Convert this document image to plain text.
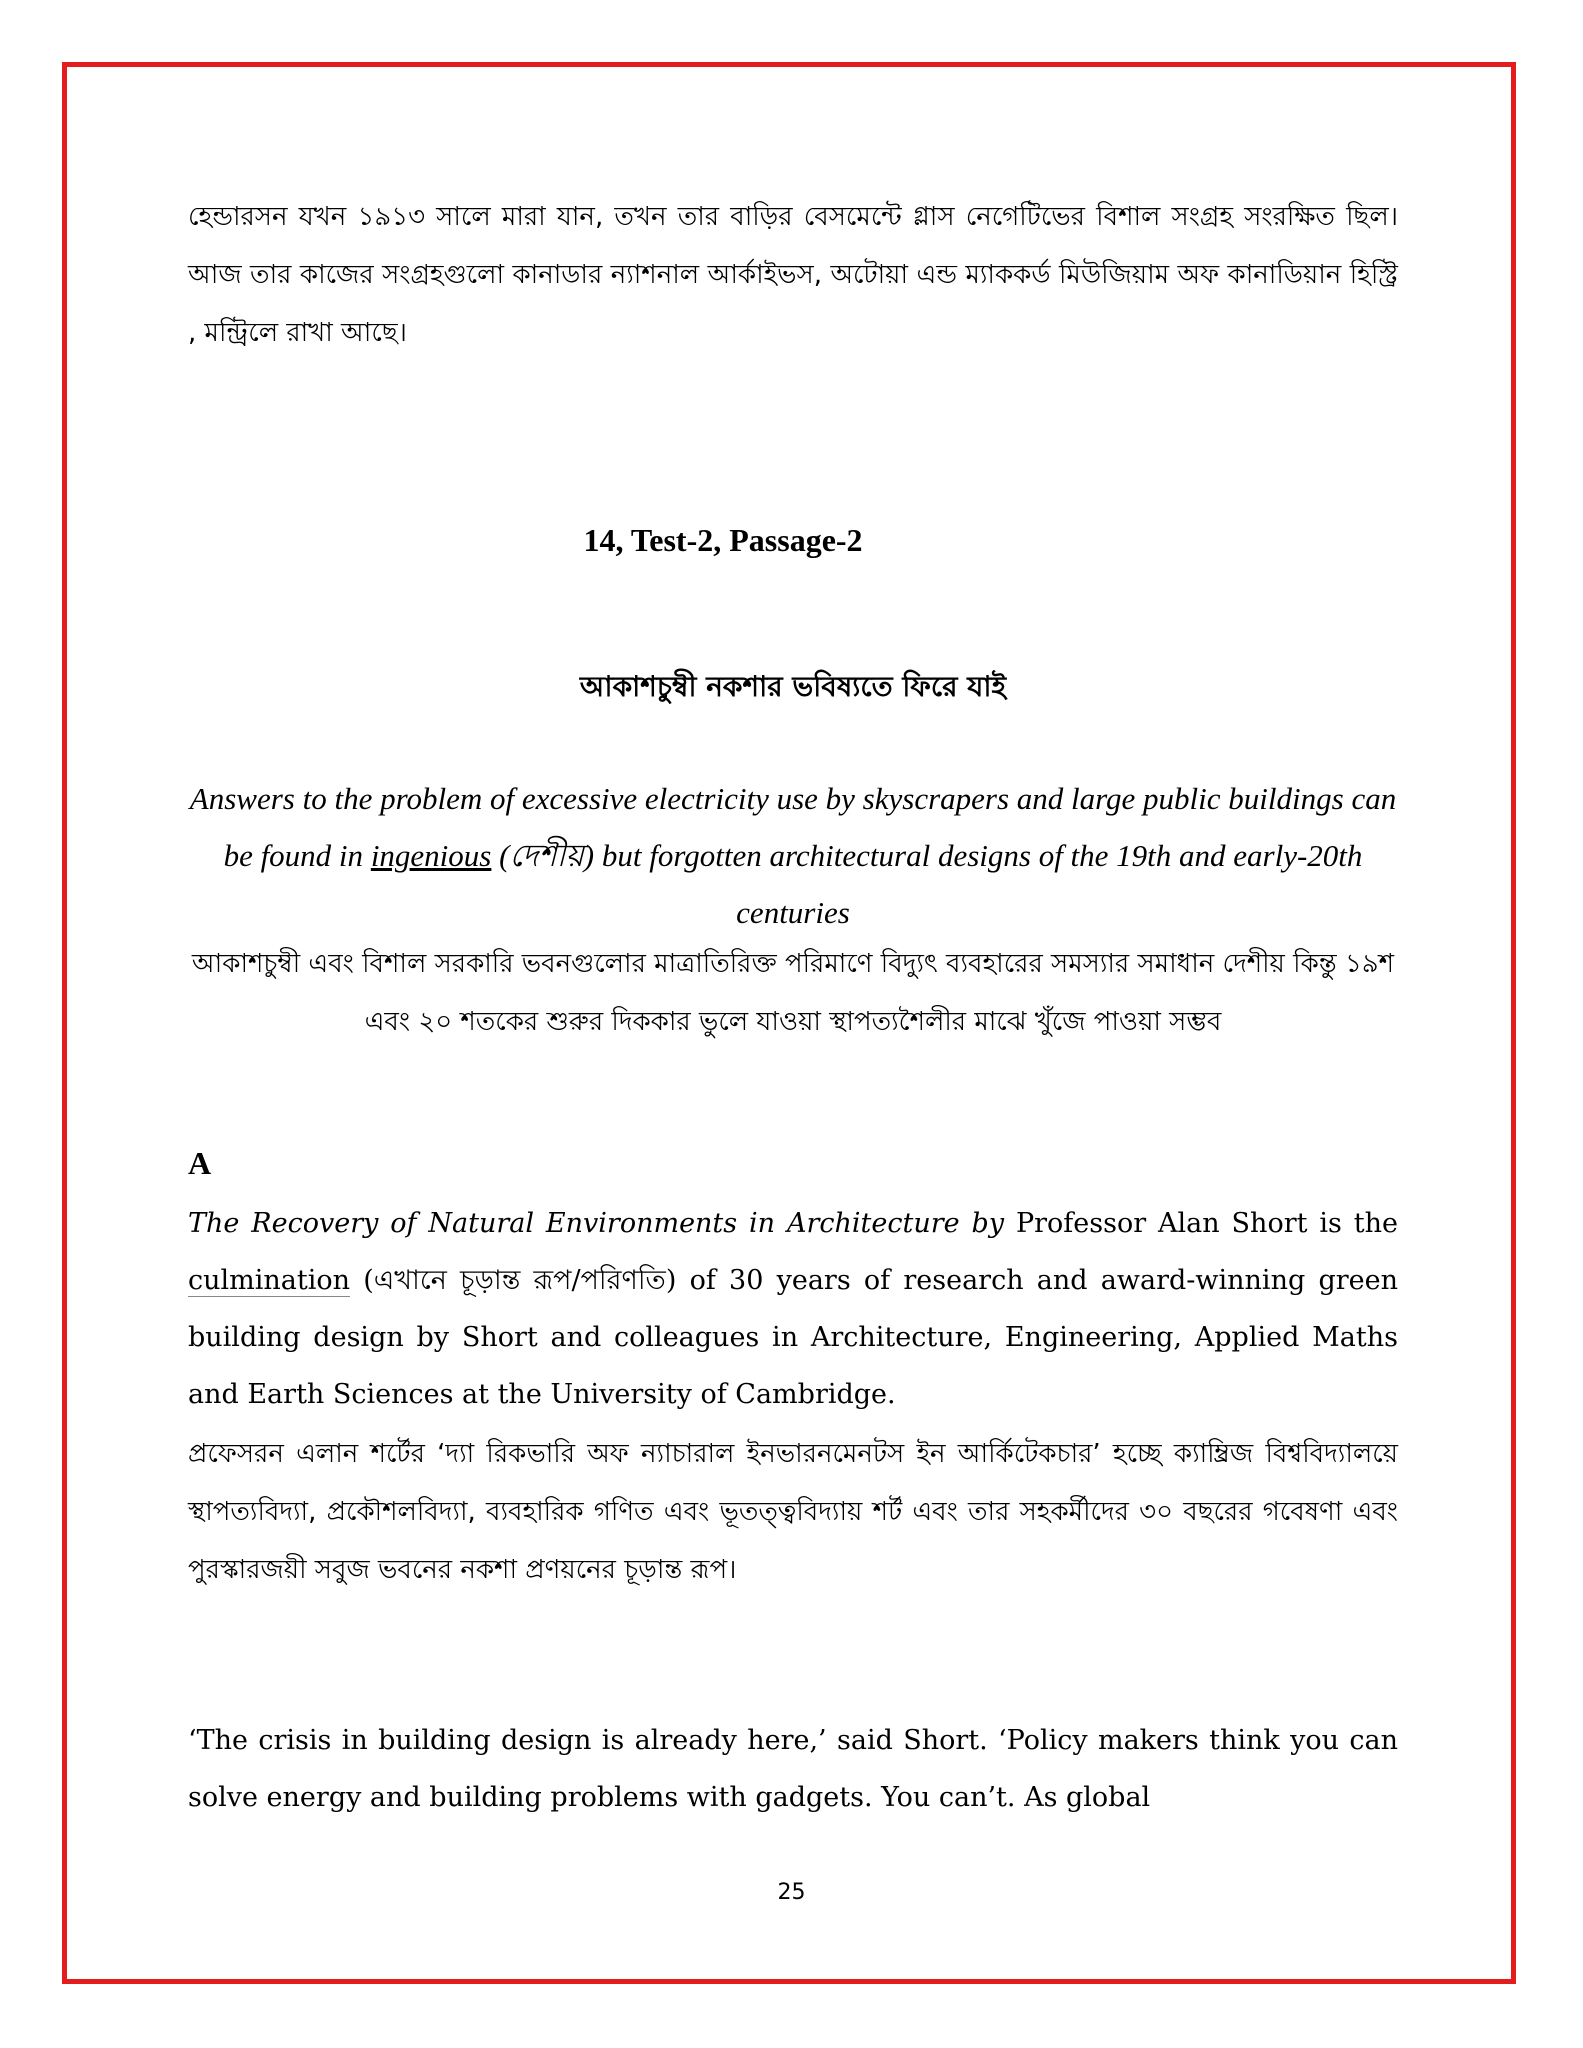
হেন্ডারসন যখন ১৯১৩ সালে মারা যান, তখন তার বাড়ির বেসমেন্টে গ্লাস নেগেটিভের বিশাল সংগ্রহ সংরক্ষিত ছিল। আজ তার কাজের সংগ্রহগুলো কানাডার ন্যাশনাল আর্কাইভস, অটোয়া এন্ড ম্যাককর্ড মিউজিয়াম অফ কানাডিয়ান হিস্ট্রি , মন্ট্রিলে রাখা আছে।
14, Test-2, Passage-2
আকাশচুম্বী নকশার ভবিষ্যতে ফিরে যাই
Answers to the problem of excessive electricity use by skyscrapers and large public buildings can be found in ingenious (দেশীয়) but forgotten architectural designs of the 19th and early-20th centuries
আকাশচুম্বী এবং বিশাল সরকারি ভবনগুলোর মাত্রাতিরিক্ত পরিমাণে বিদ্যুৎ ব্যবহারের সমস্যার সমাধান দেশীয় কিন্তু ১৯শ এবং ২০ শতকের শুরুর দিককার ভুলে যাওয়া স্থাপত্যশৈলীর মাঝে খুঁজে পাওয়া সম্ভব
A
The Recovery of Natural Environments in Architecture by Professor Alan Short is the culmination (এখানে চূড়ান্ত রূপ/পরিণতি) of 30 years of research and award-winning green building design by Short and colleagues in Architecture, Engineering, Applied Maths and Earth Sciences at the University of Cambridge.
প্রফেসরন এলান শর্টের ‘দ্যা রিকভারি অফ ন্যাচারাল ইনভারনমেনটস ইন আর্কিটেকচার’ হচ্ছে ক্যাম্ব্রিজ বিশ্ববিদ্যালয়ে স্থাপত্যবিদ্যা, প্রকৌশলবিদ্যা, ব্যবহারিক গণিত এবং ভূতত্ত্ববিদ্যায় শর্ট এবং তার সহকর্মীদের ৩০ বছরের গবেষণা এবং পুরস্কারজয়ী সবুজ ভবনের নকশা প্রণয়নের চূড়ান্ত রূপ।
‘The crisis in building design is already here,’ said Short. ‘Policy makers think you can solve energy and building problems with gadgets. You can’t. As global
25
